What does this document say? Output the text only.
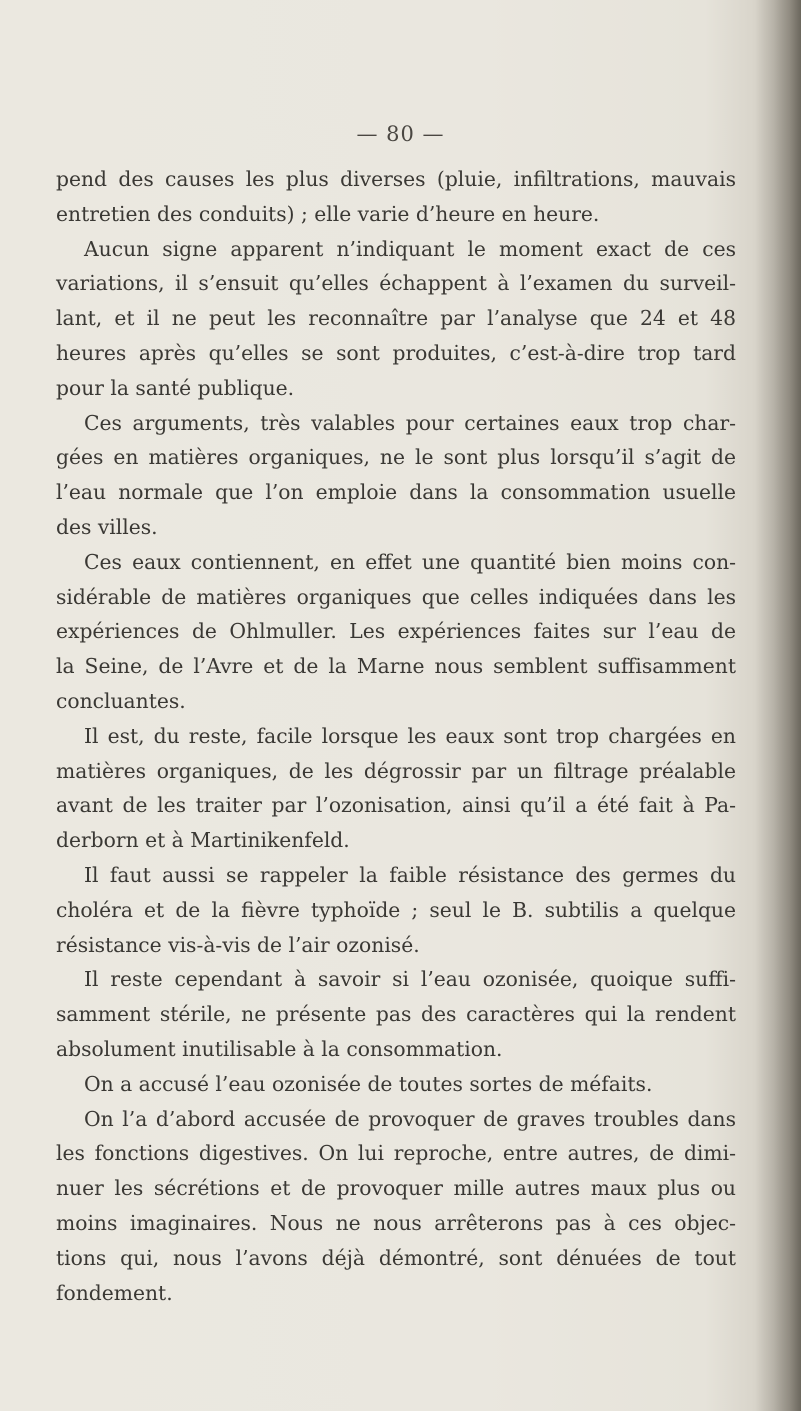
— 80 —
pend des causes les plus diverses (pluie, infiltrations, mauvais
entretien des conduits) ; elle varie d’heure en heure.
Aucun signe apparent n’indiquant le moment exact de ces
variations, il s’ensuit qu’elles échappent à l’examen du surveil-
lant, et il ne peut les reconnaître par l’analyse que 24 et 48
heures après qu’elles se sont produites, c’est-à-dire trop tard
pour la santé publique.
Ces arguments, très valables pour certaines eaux trop char-
gées en matières organiques, ne le sont plus lorsqu’il s’agit de
l’eau normale que l’on emploie dans la consommation usuelle
des villes.
Ces eaux contiennent, en effet une quantité bien moins con-
sidérable de matières organiques que celles indiquées dans les
expériences de Ohlmuller. Les expériences faites sur l’eau de
la Seine, de l’Avre et de la Marne nous semblent suffisamment
concluantes.
Il est, du reste, facile lorsque les eaux sont trop chargées en
matières organiques, de les dégrossir par un filtrage préalable
avant de les traiter par l’ozonisation, ainsi qu’il a été fait à Pa-
derborn et à Martinikenfeld.
Il faut aussi se rappeler la faible résistance des germes du
choléra et de la fièvre typhoïde ; seul le B. subtilis a quelque
résistance vis-à-vis de l’air ozonisé.
Il reste cependant à savoir si l’eau ozonisée, quoique suffi-
samment stérile, ne présente pas des caractères qui la rendent
absolument inutilisable à la consommation.
On a accusé l’eau ozonisée de toutes sortes de méfaits.
On l’a d’abord accusée de provoquer de graves troubles dans
les fonctions digestives. On lui reproche, entre autres, de dimi-
nuer les sécrétions et de provoquer mille autres maux plus ou
moins imaginaires. Nous ne nous arrêterons pas à ces objec-
tions qui, nous l’avons déjà démontré, sont dénuées de tout
fondement.
